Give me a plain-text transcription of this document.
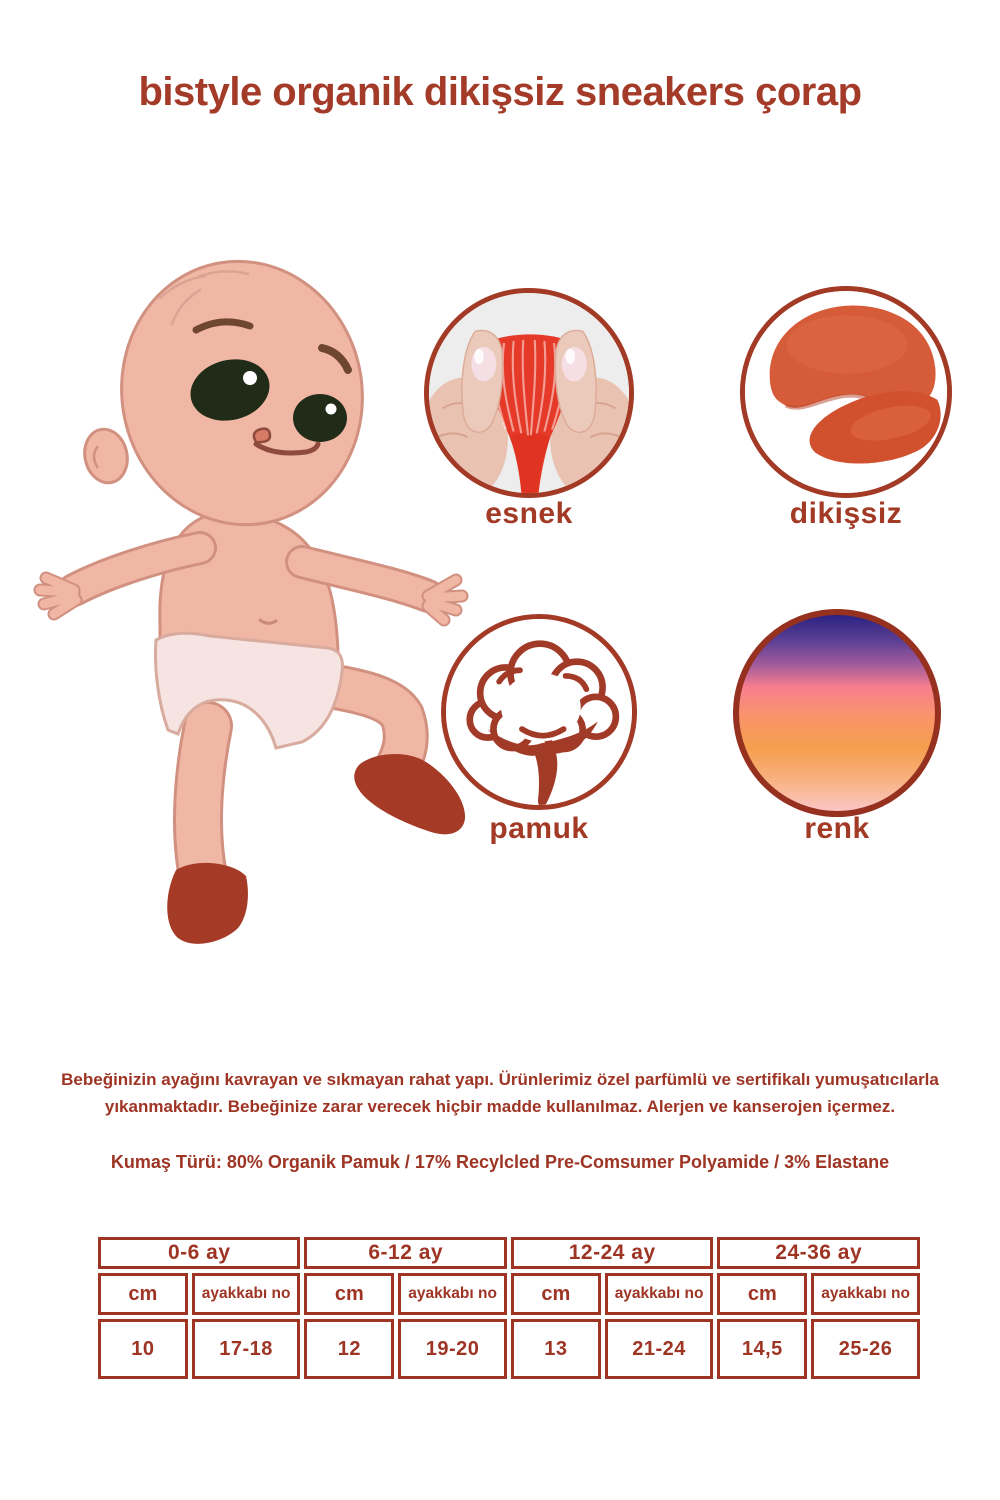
bistyle organik dikişsiz sneakers çorap
esnek	dikişsiz
pamuk	renk

Bebeğinizin ayağını kavrayan ve sıkmayan rahat yapı. Ürünlerimiz özel parfümlü ve sertifikalı yumuşatıcılarla yıkanmaktadır. Bebeğinize zarar verecek hiçbir madde kullanılmaz. Alerjen ve kanserojen içermez.

Kumaş Türü: 80% Organik Pamuk / 17% Recylcled Pre-Comsumer Polyamide / 3% Elastane

0-6 ay		6-12 ay		12-24 ay		24-36 ay	
cm	ayakkabı no	cm	ayakkabı no	cm	ayakkabı no	cm	ayakkabı no
10	17-18	12	19-20	13	21-24	14,5	25-26
